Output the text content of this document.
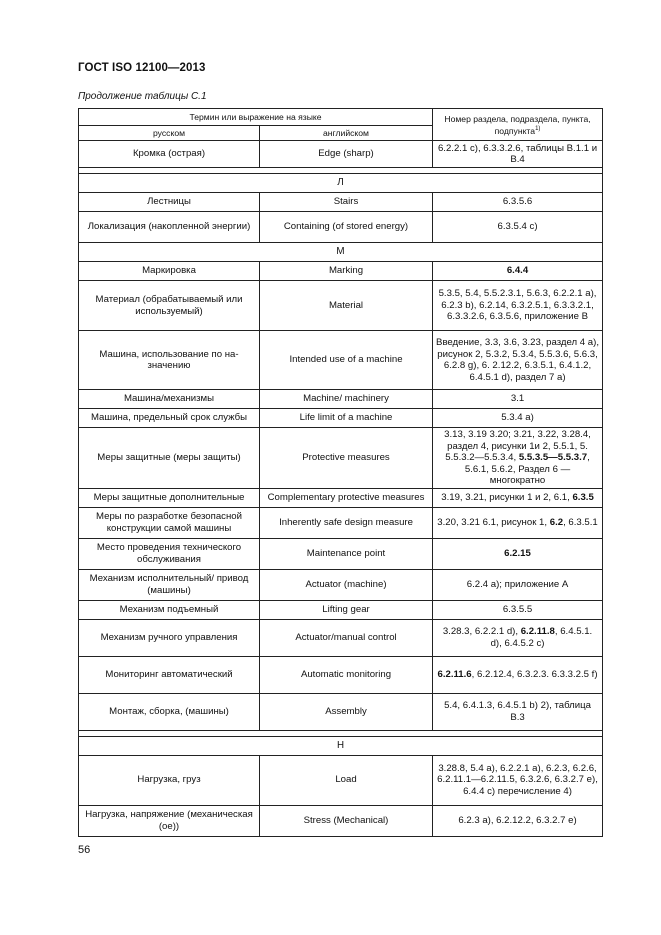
ГОСТ ISO 12100—2013
Продолжение таблицы С.1
Термин или выражение на языке		Номер раздела, подраздела, пункта, подпункта$^{1)}$
русском	английском	
Кромка (острая)	Edge (sharp)	6.2.2.1 с), 6.3.3.2.6, таблицы В.1.1 и В.4

Л		
Лестницы	Stairs	6.3.5.6
Локализация (накопленной энергии)	Containing (of stored energy)	6.3.5.4 с)
М		
Маркировка	Marking	6.4.4
Материал (обрабатываемый или используемый)	Material	5.3.5, 5.4, 5.5.2.3.1, 5.6.3, 6.2.2.1 а), 6.2.3 b), 6.2.14, 6.3.2.5.1, 6.3.3.2.1, 6.3.3.2.6, 6.3.5.6, приложение В
Машина, использование по на-значению	Intended use of a machine	Введение, 3.3, 3.6, 3.23, раздел 4 а), рисунок 2, 5.3.2, 5.3.4, 5.5.3.6, 5.6.3, 6.2.8 g), 6. 2.12.2, 6.3.5.1, 6.4.1.2, 6.4.5.1 d), раздел 7 а)
Машина/механизмы	Machine/ machinery	3.1
Машина, предельный срок службы	Life limit of a machine	5.3.4 а)
Меры защитные (меры защиты)	Protective measures	3.13, 3.19 3.20; 3.21, 3.22, 3.28.4, раздел 4, рисунки 1и 2, 5.5.1, 5. 5.5.3.2—5.5.3.4, 5.5.3.5—5.5.3.7, 5.6.1, 5.6.2, Раздел 6 — многократно
Меры защитные дополнительные	Complementary protective measures	3.19, 3.21, рисунки 1 и 2, 6.1, 6.3.5
Меры по разработке безопасной конструкции самой машины	Inherently safe design measure	3.20, 3.21 6.1, рисунок 1, 6.2, 6.3.5.1
Место проведения технического обслуживания	Maintenance point	6.2.15
Механизм исполнительный/ привод (машины)	Actuator (machine)	6.2.4 а); приложение А
Механизм подъемный	Lifting gear	6.3.5.5
Механизм ручного управления	Actuator/manual control	3.28.3, 6.2.2.1 d), 6.2.11.8, 6.4.5.1. d), 6.4.5.2 с)
Мониторинг автоматический	Automatic monitoring	6.2.11.6, 6.2.12.4, 6.3.2.3. 6.3.3.2.5 f)
Монтаж, сборка, (машины)	Assembly	5.4, 6.4.1.3, 6.4.5.1 b) 2), таблица В.3

Н		
Нагрузка, груз	Load	3.28.8, 5.4 а), 6.2.2.1 а), 6.2.3, 6.2.6, 6.2.11.1—6.2.11.5, 6.3.2.6, 6.3.2.7 е), 6.4.4 с) перечисление 4)
Нагрузка, напряжение (механическая (ое))	Stress (Mechanical)	6.2.3 а), 6.2.12.2, 6.3.2.7 е)
56
